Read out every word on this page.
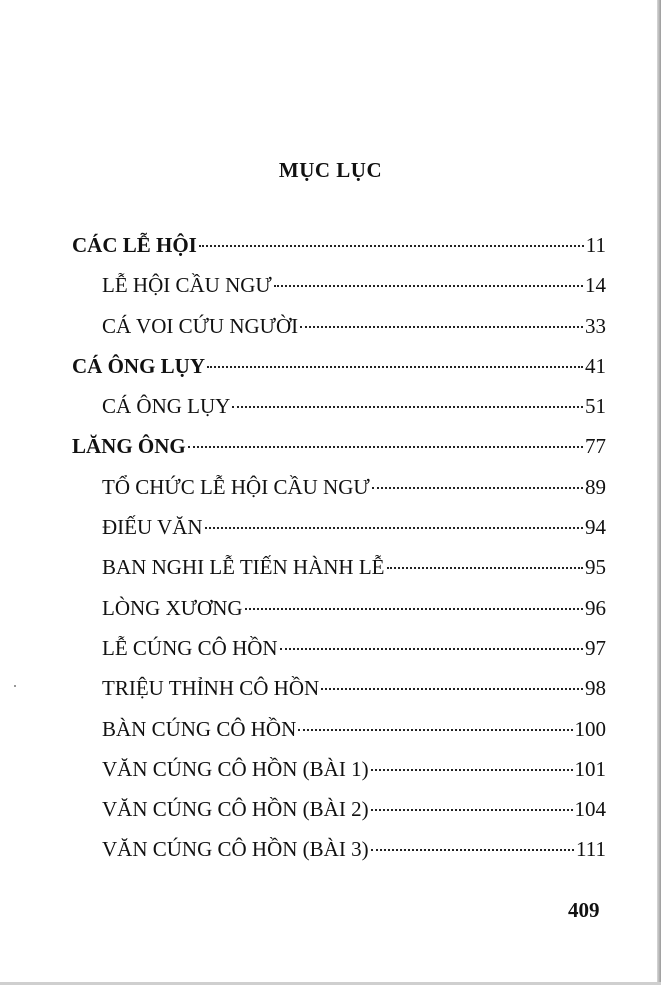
MỤC LỤC
CÁC LỄ HỘI	11
LỄ HỘI CẦU NGƯ	14
CÁ VOI CỨU NGƯỜI	33
CÁ ÔNG LỤY	41
CÁ ÔNG LỤY	51
LĂNG ÔNG	77
TỔ CHỨC LỄ HỘI CẦU NGƯ	89
ĐIẾU VĂN	94
BAN NGHI LỄ TIẾN HÀNH LỄ	95
LÒNG XƯƠNG	96
LỄ CÚNG CÔ HỒN	97
TRIỆU THỈNH CÔ HỒN	98
BÀN CÚNG CÔ HỒN	100
VĂN CÚNG CÔ HỒN (BÀI 1)	101
VĂN CÚNG CÔ HỒN (BÀI 2)	104
VĂN CÚNG CÔ HỒN (BÀI 3)	111
409
